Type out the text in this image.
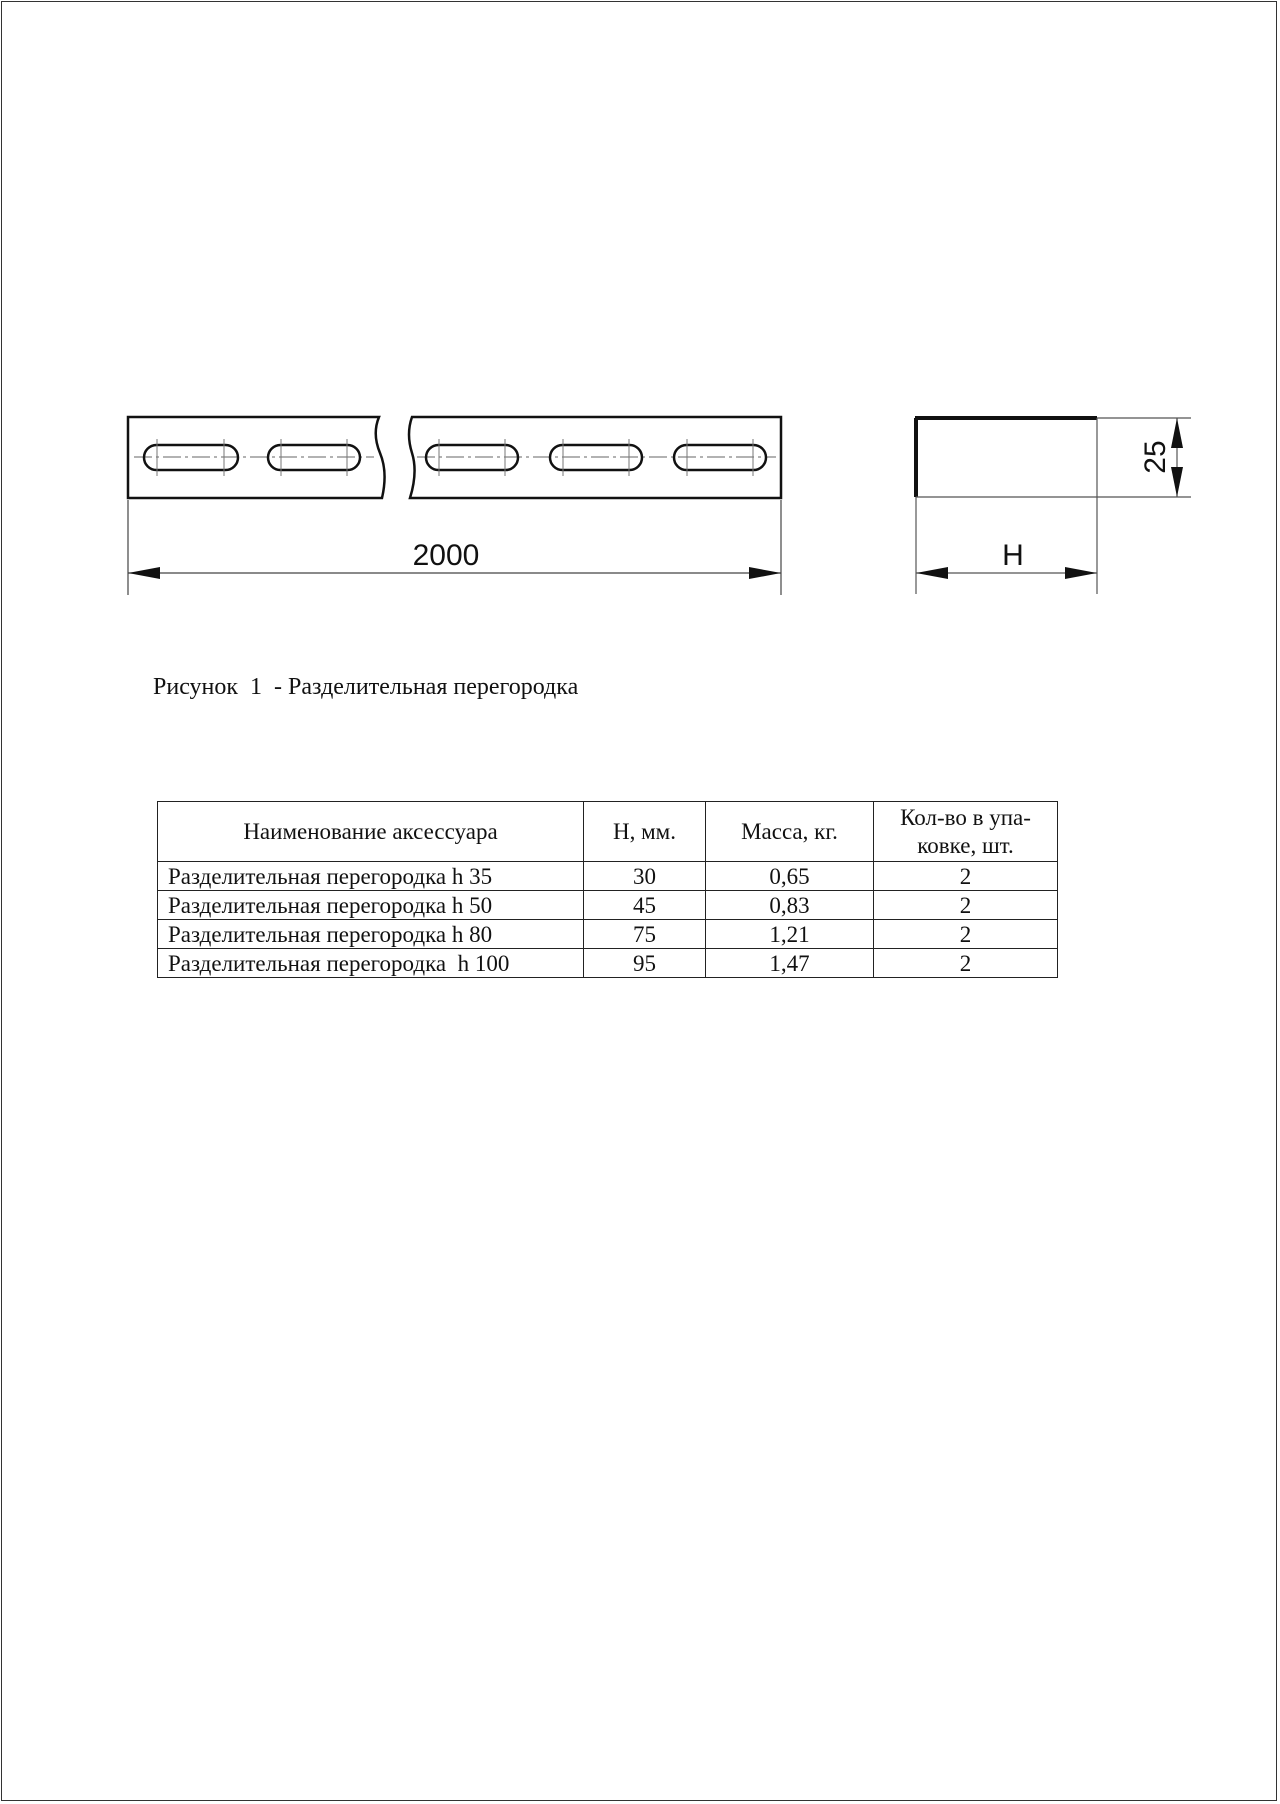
2000	H
25
Рисунок  1  - Разделительная перегородка
Наименование аксессуара	Н, мм.	Масса, кг.	Кол-во в упа-ковке, шт.
Разделительная перегородка h 35	30	0,65	2
Разделительная перегородка h 50	45	0,83	2
Разделительная перегородка h 80	75	1,21	2
Разделительная перегородка  h 100	95	1,47	2
